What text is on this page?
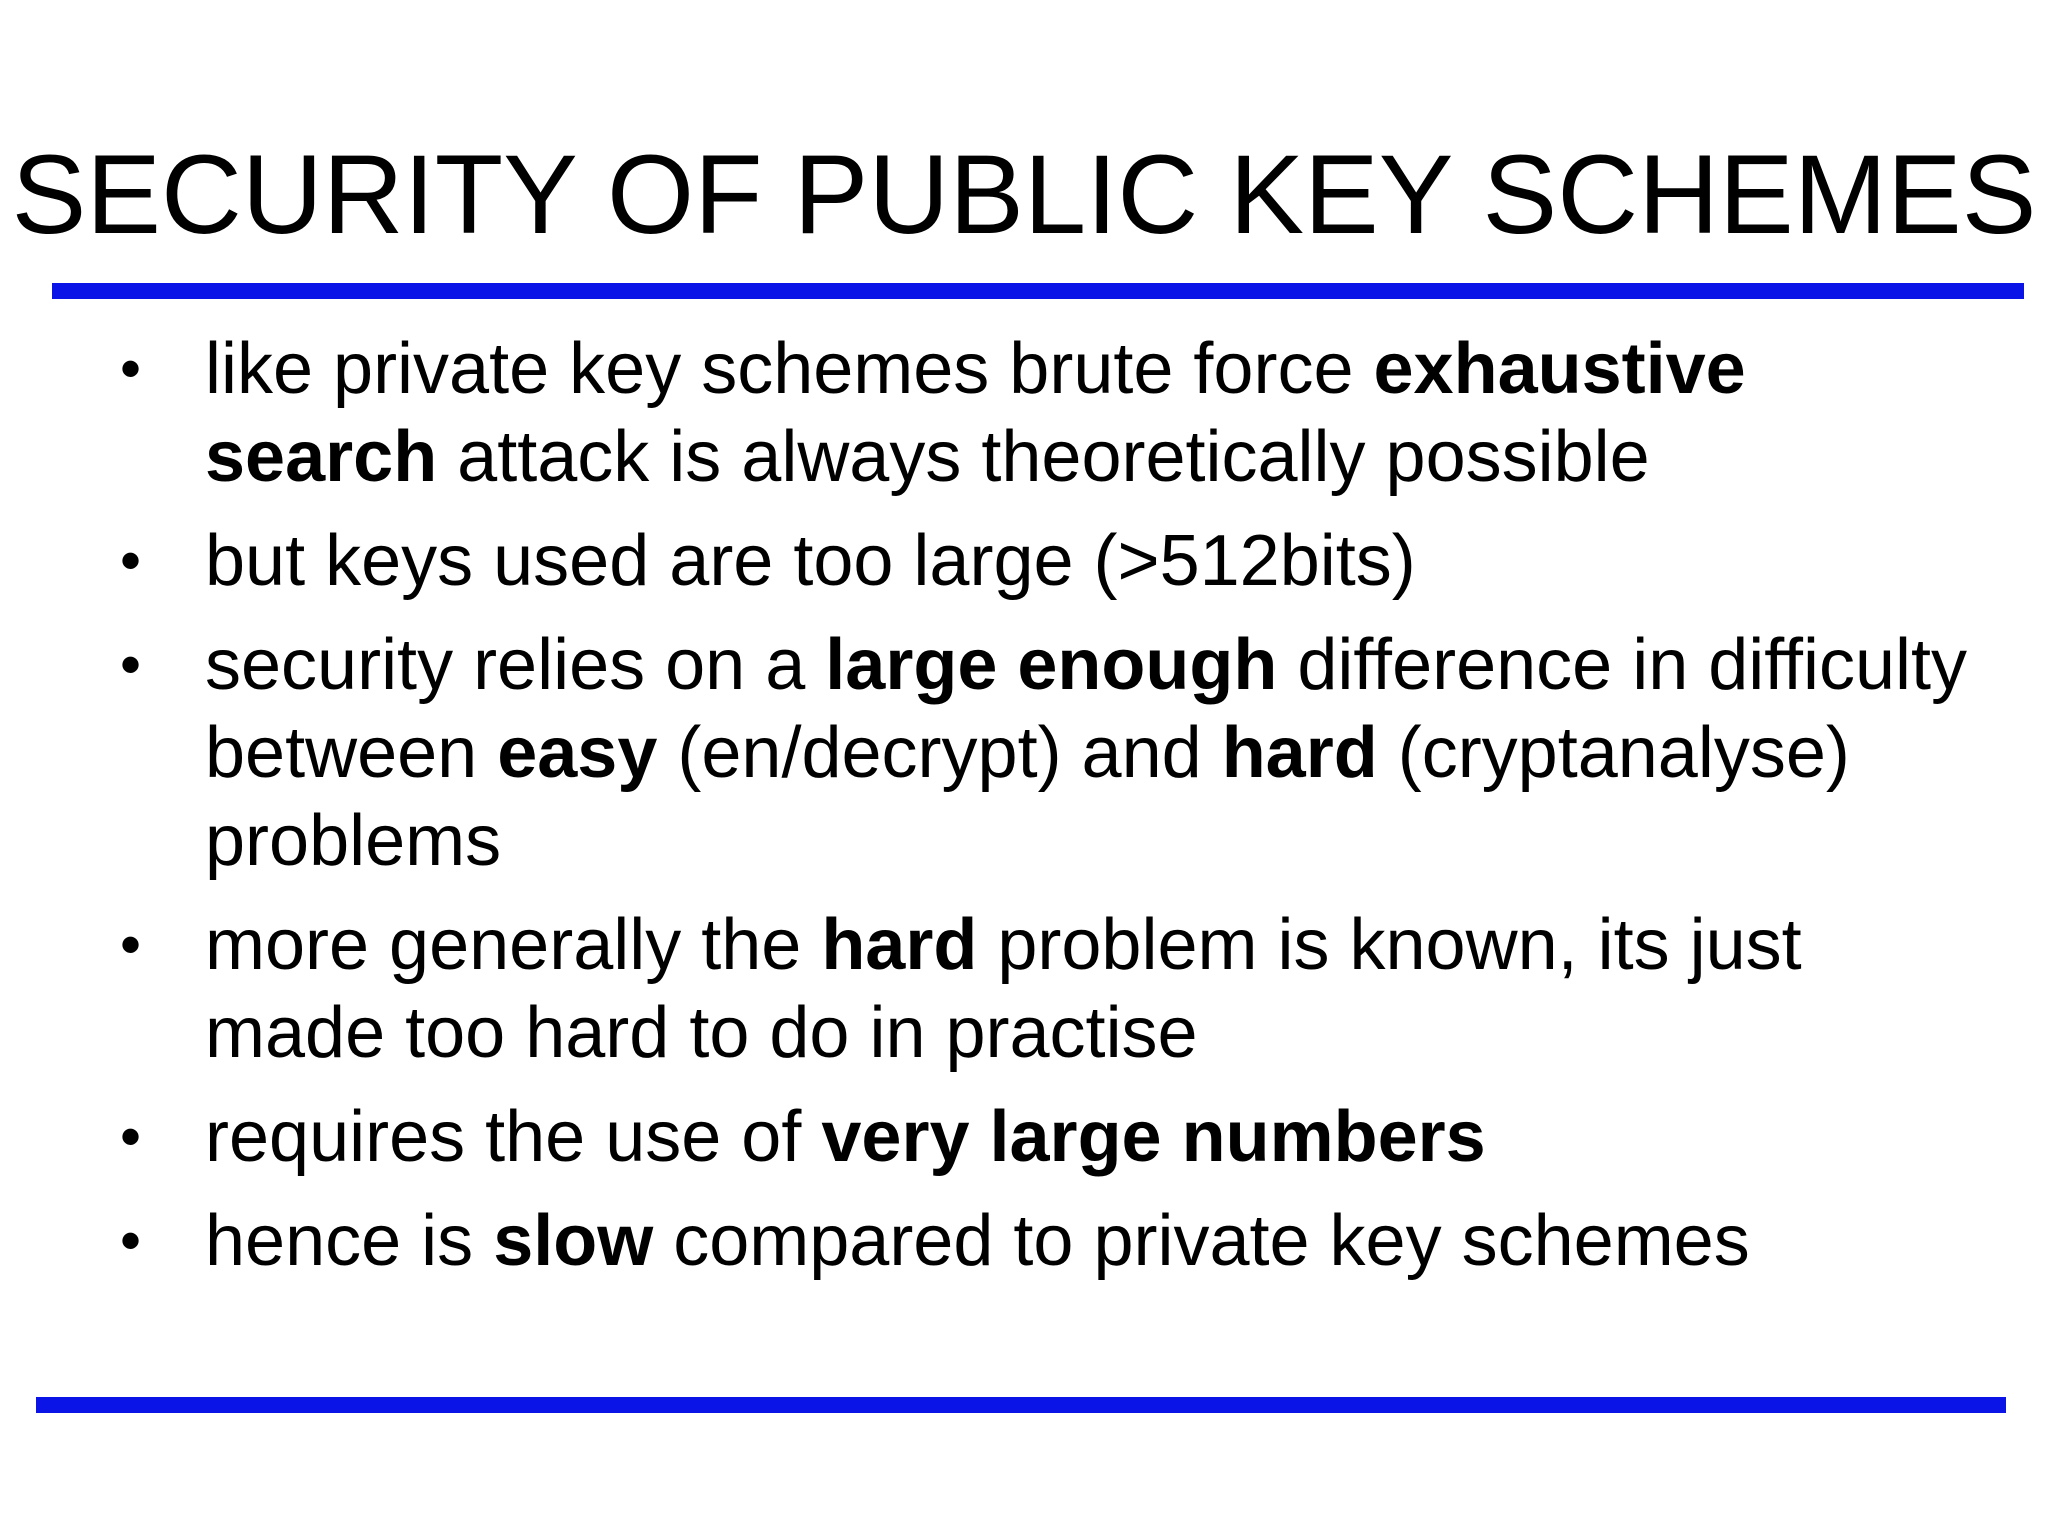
SECURITY OF PUBLIC KEY SCHEMES
• like private key schemes brute force exhaustive search attack is always theoretically possible
• but keys used are too large (>512bits)
• security relies on a large enough difference in difficulty between easy (en/decrypt) and hard (cryptanalyse) problems
• more generally the hard problem is known, its just made too hard to do in practise
• requires the use of very large numbers
• hence is slow compared to private key schemes
